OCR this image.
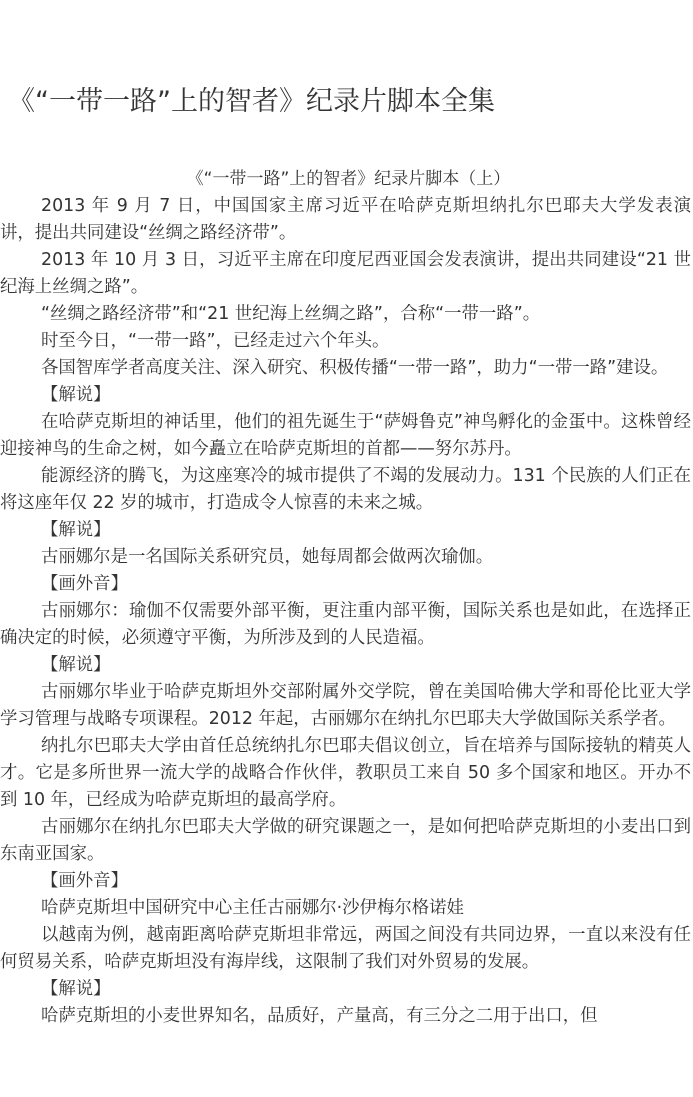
《“一带一路”上的智者》纪录片脚本全集

《“一带一路”上的智者》纪录片脚本（上）

2013 年 9 月 7 日，中国国家主席习近平在哈萨克斯坦纳扎尔巴耶夫大学发表演讲，提出共同建设“丝绸之路经济带”。

2013 年 10 月 3 日，习近平主席在印度尼西亚国会发表演讲，提出共同建设“21 世纪海上丝绸之路”。

“丝绸之路经济带”和“21 世纪海上丝绸之路”，合称“一带一路”。

时至今日，“一带一路”，已经走过六个年头。

各国智库学者高度关注、深入研究、积极传播“一带一路”，助力“一带一路”建设。

【解说】

在哈萨克斯坦的神话里，他们的祖先诞生于“萨姆鲁克”神鸟孵化的金蛋中。这株曾经迎接神鸟的生命之树，如今矗立在哈萨克斯坦的首都——努尔苏丹。

能源经济的腾飞，为这座寒冷的城市提供了不竭的发展动力。131 个民族的人们正在将这座年仅 22 岁的城市，打造成令人惊喜的未来之城。

【解说】

古丽娜尔是一名国际关系研究员，她每周都会做两次瑜伽。

【画外音】

古丽娜尔：瑜伽不仅需要外部平衡，更注重内部平衡，国际关系也是如此，在选择正确决定的时候，必须遵守平衡，为所涉及到的人民造福。

【解说】

古丽娜尔毕业于哈萨克斯坦外交部附属外交学院，曾在美国哈佛大学和哥伦比亚大学学习管理与战略专项课程。2012 年起，古丽娜尔在纳扎尔巴耶夫大学做国际关系学者。

纳扎尔巴耶夫大学由首任总统纳扎尔巴耶夫倡议创立，旨在培养与国际接轨的精英人才。它是多所世界一流大学的战略合作伙伴，教职员工来自 50 多个国家和地区。开办不到 10 年，已经成为哈萨克斯坦的最高学府。

古丽娜尔在纳扎尔巴耶夫大学做的研究课题之一，是如何把哈萨克斯坦的小麦出口到东南亚国家。

【画外音】

哈萨克斯坦中国研究中心主任古丽娜尔·沙伊梅尔格诺娃

以越南为例，越南距离哈萨克斯坦非常远，两国之间没有共同边界，一直以来没有任何贸易关系，哈萨克斯坦没有海岸线，这限制了我们对外贸易的发展。

【解说】

哈萨克斯坦的小麦世界知名，品质好，产量高，有三分之二用于出口，但
